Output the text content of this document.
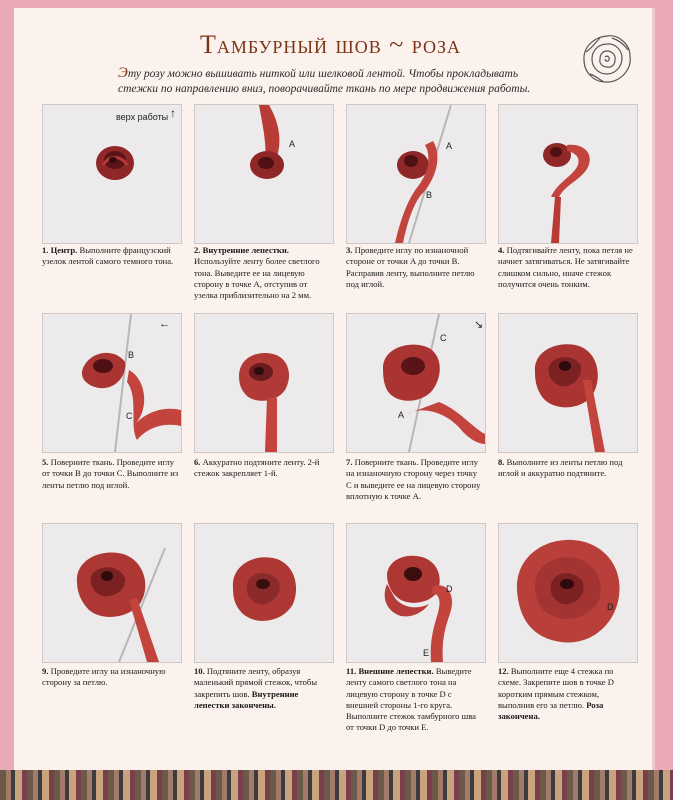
Тамбурный шов ~ роза
Эту розу можно вышивать ниткой или шелковой лентой. Чтобы прокладывать стежки по направлению вниз, поворачивайте ткань по мере продвижения работы.
верх работы ↑
A	A
B
1. Центр. Выполните французский узелок лентой самого темного тона.
2. Внутренние лепестки. Используйте ленту более светлого тона. Выведите ее на лицевую сторону в точке A, отступив от узелка приблизительно на 2 мм.
3. Проведите иглу по изнаночной стороне от точки A до точки B. Расправив ленту, выполните петлю под иглой.
4. Подтягивайте ленту, пока петля не начнет затягиваться. Не затягивайте слишком сильно, иначе стежок получится очень тонким.
←
B
C
↘
C
A
5. Поверните ткань. Проведите иглу от точки B до точки C. Выполните из ленты петлю под иглой.
6. Аккуратно подтяните ленту. 2-й стежок закрепляет 1-й.
7. Поверните ткань. Проведите иглу на изнаночную сторону через точку C и выведите ее на лицевую сторону вплотную к точке A.
8. Выполните из ленты петлю под иглой и аккуратно подтяните.
D
E
D
9. Проведите иглу на изнаночную сторону за петлю.
10. Подтяните ленту, образуя маленький прямой стежок, чтобы закрепить шов. Внутренние лепестки закончены.
11. Внешние лепестки. Выведите ленту самого светлого тона на лицевую сторону в точке D с внешней стороны 1-го круга. Выполните стежок тамбурного шва от точки D до точки E.
12. Выполните еще 4 стежка по схеме. Закрепите шов в точке D коротким прямым стежком, выполнив его за петлю. Роза закончена.
